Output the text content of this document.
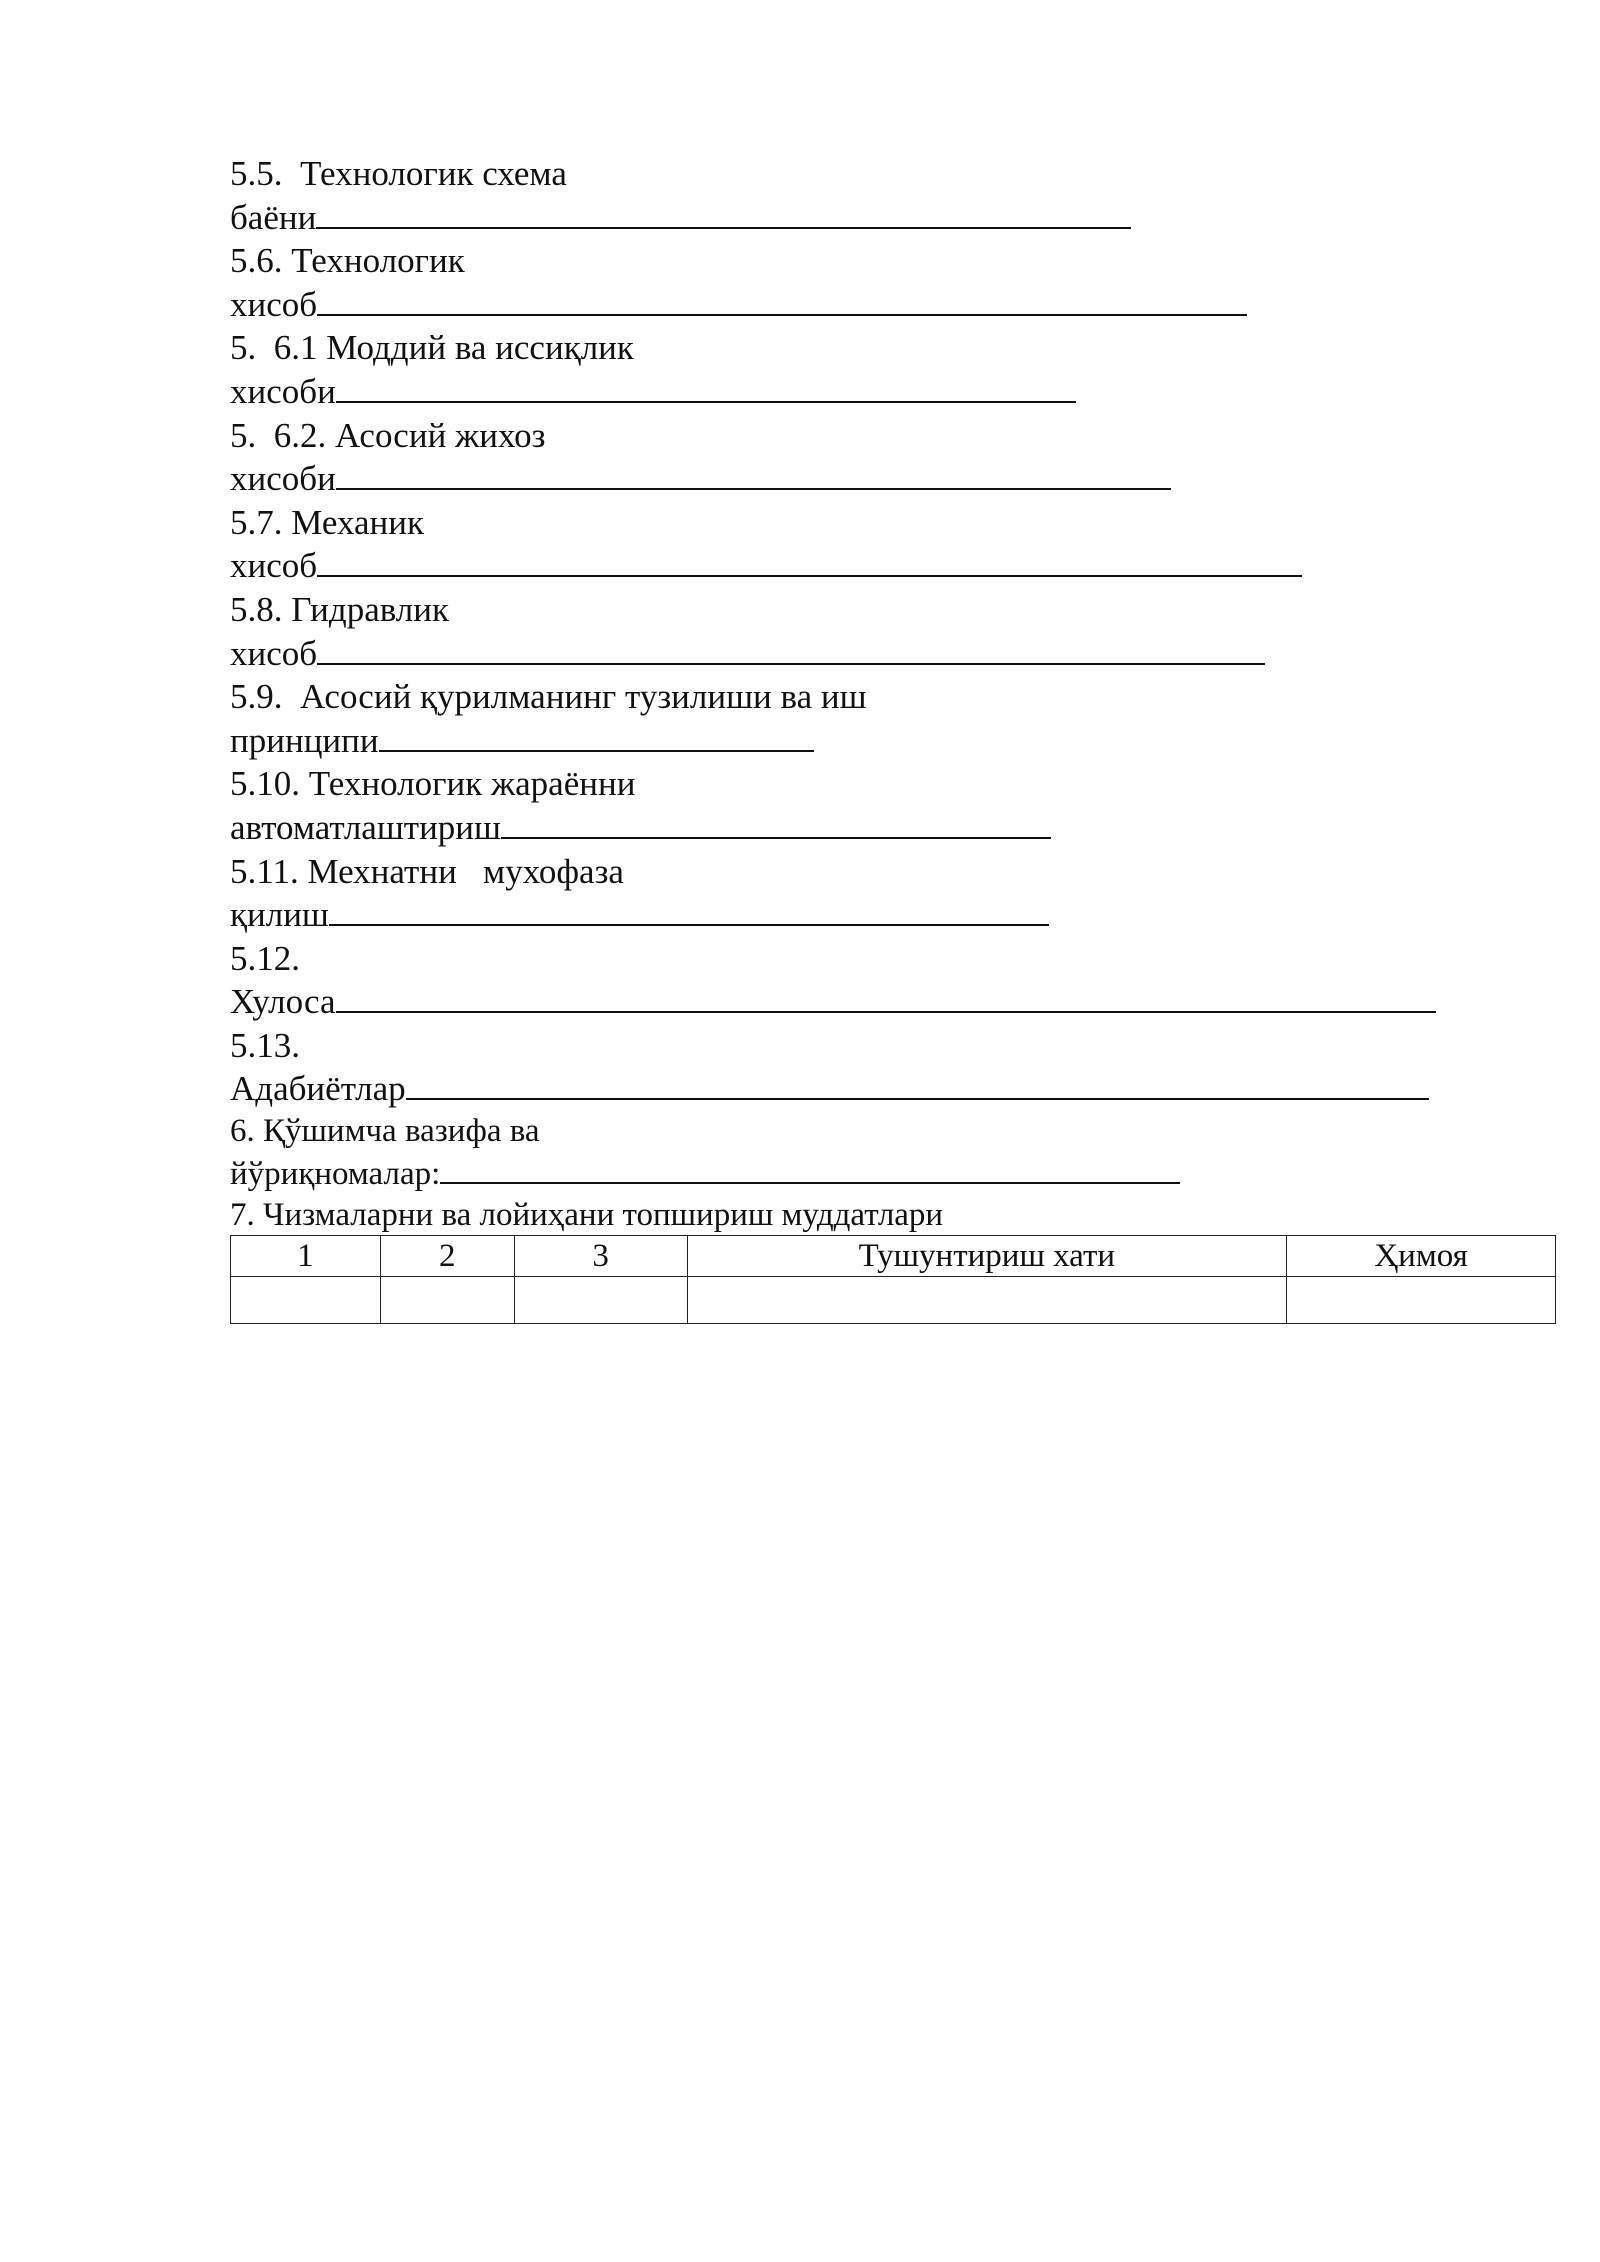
5.5.  Технологик схема
баёни
5.6. Технологик
хисоб
5.  6.1 Моддий ва иссиқлик
хисоби
5.  6.2. Асосий жихоз
хисоби
5.7. Механик
хисоб
5.8. Гидравлик
хисоб
5.9.  Асосий қурилманинг тузилиши ва иш
принципи
5.10. Технологик жараённи
автоматлаштириш
5.11. Мехнатни   мухофаза
қилиш
5.12.
Хулоса
5.13.
Адабиётлар
6. Қўшимча вазифа ва
йўриқномалар:
7. Чизмаларни ва лойиҳани топшириш муддатлари
1	2	3	Тушунтириш хати	Ҳимоя
